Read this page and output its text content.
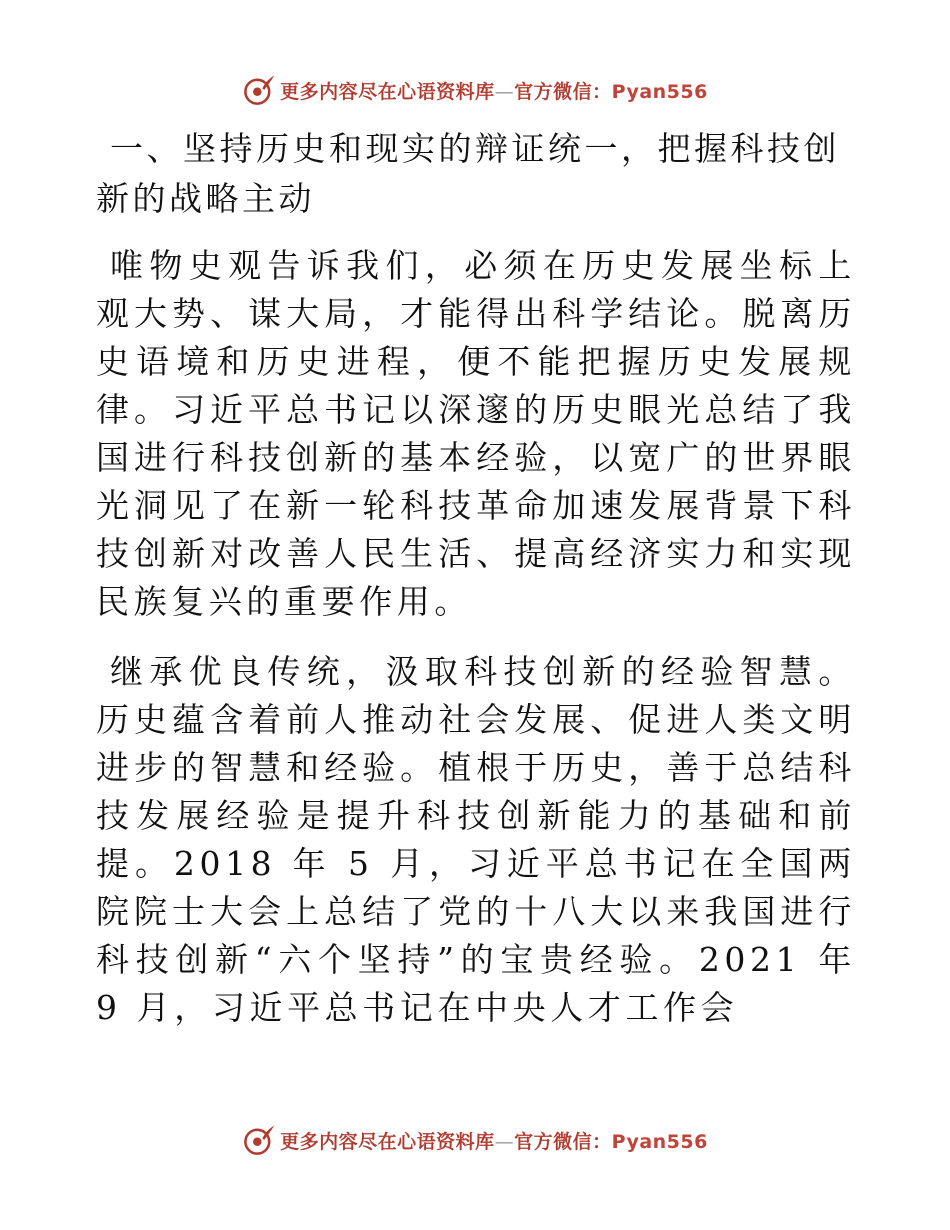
更多内容尽在心语资料库—官方微信：Pyan556
一、坚持历史和现实的辩证统一，把握科技创新的战略主动

唯物史观告诉我们，必须在历史发展坐标上观大势、谋大局，才能得出科学结论。脱离历史语境和历史进程，便不能把握历史发展规律。习近平总书记以深邃的历史眼光总结了我国进行科技创新的基本经验，以宽广的世界眼光洞见了在新一轮科技革命加速发展背景下科技创新对改善人民生活、提高经济实力和实现民族复兴的重要作用。

继承优良传统，汲取科技创新的经验智慧。历史蕴含着前人推动社会发展、促进人类文明进步的智慧和经验。植根于历史，善于总结科技发展经验是提升科技创新能力的基础和前提。2018 年 5 月，习近平总书记在全国两院院士大会上总结了党的十八大以来我国进行科技创新“六个坚持”的宝贵经验。2021 年 9 月，习近平总书记在中央人才工作会

更多内容尽在心语资料库—官方微信：Pyan556
